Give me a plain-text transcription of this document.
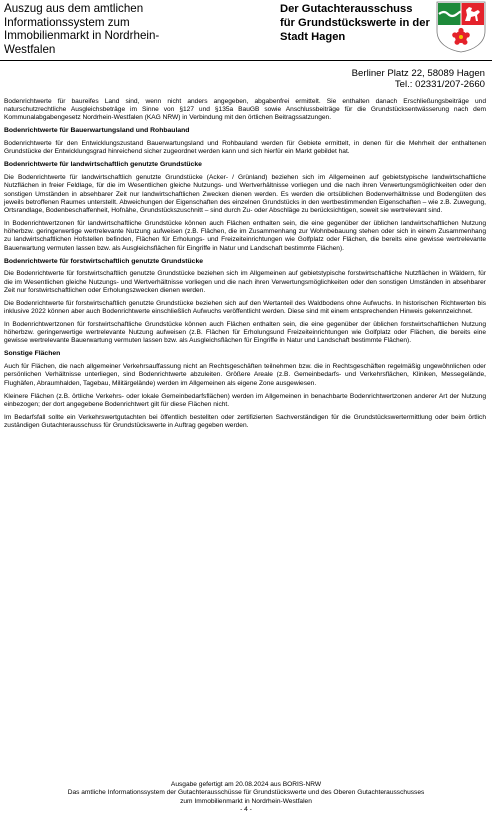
Auszug aus dem amtlichen Informationssystem zum Immobilienmarkt in Nordrhein-Westfalen
Der Gutachterausschuss für Grundstückswerte in der Stadt Hagen
Berliner Platz 22, 58089 Hagen
Tel.: 02331/207-2660

Bodenrichtwerte für baureifes Land sind, wenn nicht anders angegeben, abgabenfrei ermittelt. Sie enthalten danach Erschließungsbeiträge und naturschutzrechtliche Ausgleichsbeträge im Sinne von §127 und §135a BauGB sowie Anschlussbeiträge für die Grundstücksentwässerung nach dem Kommunalabgabengesetz Nordrhein-Westfalen (KAG NRW) in Verbindung mit den örtlichen Beitragssatzungen.

Bodenrichtwerte für Bauerwartungsland und Rohbauland

Bodenrichtwerte für den Entwicklungszustand Bauerwartungsland und Rohbauland werden für Gebiete ermittelt, in denen für die Mehrheit der enthaltenen Grundstücke der Entwicklungsgrad hinreichend sicher zugeordnet werden kann und sich hierfür ein Markt gebildet hat.

Bodenrichtwerte für landwirtschaftlich genutzte Grundstücke

Die Bodenrichtwerte für landwirtschaftlich genutzte Grundstücke (Acker- / Grünland) beziehen sich im Allgemeinen auf gebietstypische landwirtschaftliche Nutzflächen in freier Feldlage, für die im Wesentlichen gleiche Nutzungs- und Wertverhältnisse vorliegen und die nach ihren Verwertungsmöglichkeiten oder den sonstigen Umständen in absehbarer Zeit nur landwirtschaftlichen Zwecken dienen werden. Es werden die ortsüblichen Bodenverhältnisse und Bodengüten des jeweils betroffenen Raumes unterstellt. Abweichungen der Eigenschaften des einzelnen Grundstücks in den wertbestimmenden Eigenschaften – wie z.B. Zuwegung, Ortsrandlage, Bodenbeschaffenheit, Hofnähe, Grundstückszuschnitt – sind durch Zu- oder Abschläge zu berücksichtigen, soweit sie wertrelevant sind.

In Bodenrichtwertzonen für landwirtschaftliche Grundstücke können auch Flächen enthalten sein, die eine gegenüber der üblichen landwirtschaftlichen Nutzung höherbzw. geringerwertige wertrelevante Nutzung aufweisen (z.B. Flächen, die im Zusammenhang zur Wohnbebauung stehen oder sich in einem Zusammenhang zu landwirtschaftlichen Hofstellen befinden, Flächen für Erholungs- und Freizeiteinrichtungen wie Golfplatz oder Flächen, die bereits eine gewisse wertrelevante Bauerwartung vermuten lassen bzw. als Ausgleichsflächen für Eingriffe in Natur und Landschaft bestimmte Flächen).

Bodenrichtwerte für forstwirtschaftlich genutzte Grundstücke

Die Bodenrichtwerte für forstwirtschaftlich genutzte Grundstücke beziehen sich im Allgemeinen auf gebietstypische forstwirtschaftliche Nutzflächen in Wäldern, für die im Wesentlichen gleiche Nutzungs- und Wertverhältnisse vorliegen und die nach ihren Verwertungsmöglichkeiten oder den sonstigen Umständen in absehbarer Zeit nur forstwirtschaftlichen oder Erholungszwecken dienen werden.

Die Bodenrichtwerte für forstwirtschaftlich genutzte Grundstücke beziehen sich auf den Wertanteil des Waldbodens ohne Aufwuchs. In historischen Richtwerten bis inklusive 2022 können aber auch Bodenrichtwerte einschließlich Aufwuchs veröffentlicht werden. Diese sind mit einem entsprechenden Hinweis gekennzeichnet.

In Bodenrichtwertzonen für forstwirtschaftliche Grundstücke können auch Flächen enthalten sein, die eine gegenüber der üblichen forstwirtschaftlichen Nutzung höherbzw. geringerwertige wertrelevante Nutzung aufweisen (z.B. Flächen für Erholungsund Freizeiteinrichtungen wie Golfplatz oder Flächen, die bereits eine gewisse wertrelevante Bauerwartung vermuten lassen bzw. als Ausgleichsflächen für Eingriffe in Natur und Landschaft bestimmte Flächen).

Sonstige Flächen

Auch für Flächen, die nach allgemeiner Verkehrsauffassung nicht an Rechtsgeschäften teilnehmen bzw. die in Rechtsgeschäften regelmäßig ungewöhnlichen oder persönlichen Verhältnisse unterliegen, sind Bodenrichtwerte abzuleiten. Größere Areale (z.B. Gemeinbedarfs- und Verkehrsflächen, Kliniken, Messegelände, Flughäfen, Abraumhalden, Tagebau, Militärgelände) werden im Allgemeinen als eigene Zone ausgewiesen.

Kleinere Flächen (z.B. örtliche Verkehrs- oder lokale Gemeinbedarfsflächen) werden im Allgemeinen in benachbarte Bodenrichtwertzonen anderer Art der Nutzung einbezogen; der dort angegebene Bodenrichtwert gilt für diese Flächen nicht.

Im Bedarfsfall sollte ein Verkehrswertgutachten bei öffentlich bestellten oder zertifizierten Sachverständigen für die Grundstückswertermittlung oder beim örtlich zuständigen Gutachterausschuss für Grundstückswerte in Auftrag gegeben werden.

Ausgabe gefertigt am 20.08.2024 aus BORIS-NRW
Das amtliche Informationssystem der Gutachterausschüsse für Grundstückswerte und des Oberen Gutachterausschusses
zum Immobilienmarkt in Nordrhein-Westfalen
- 4 -
